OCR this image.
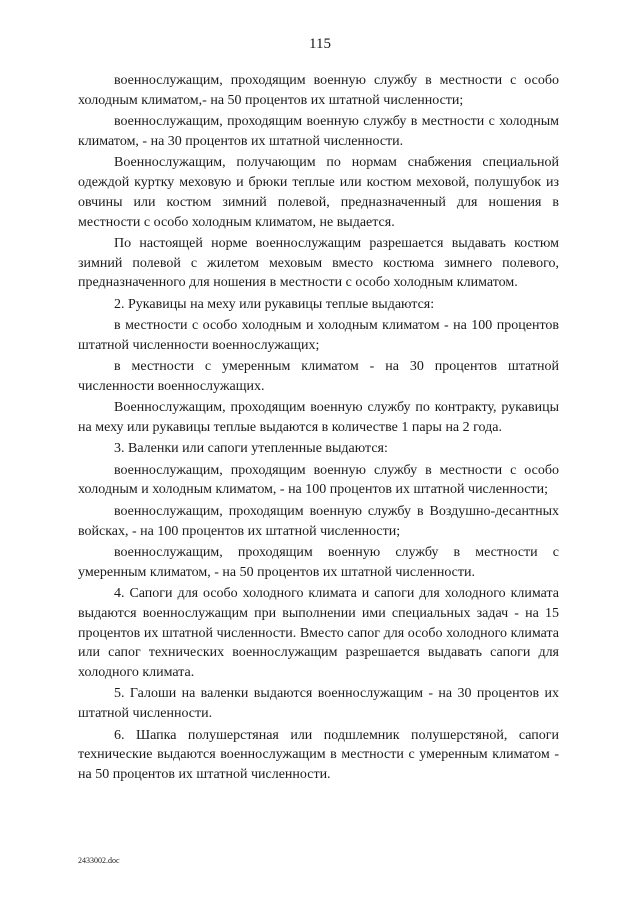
115

военнослужащим, проходящим военную службу в местности с особо холодным климатом,- на 50 процентов их штатной численности;

военнослужащим, проходящим военную службу в местности с холодным климатом, - на 30 процентов их штатной численности.

Военнослужащим, получающим по нормам снабжения специальной одеждой куртку меховую и брюки теплые или костюм меховой, полушубок из овчины или костюм зимний полевой, предназначенный для ношения в местности с особо холодным климатом, не выдается.

По настоящей норме военнослужащим разрешается выдавать костюм зимний полевой с жилетом меховым вместо костюма зимнего полевого, предназначенного для ношения в местности с особо холодным климатом.

2. Рукавицы на меху или рукавицы теплые выдаются:

в местности с особо холодным и холодным климатом - на 100 процентов штатной численности военнослужащих;

в местности с умеренным климатом - на 30 процентов штатной численности военнослужащих.

Военнослужащим, проходящим военную службу по контракту, рукавицы на меху или рукавицы теплые выдаются в количестве 1 пары на 2 года.

3. Валенки или сапоги утепленные выдаются:

военнослужащим, проходящим военную службу в местности с особо холодным и холодным климатом, - на 100 процентов их штатной численности;

военнослужащим, проходящим военную службу в Воздушно-десантных войсках, - на 100 процентов их штатной численности;

военнослужащим, проходящим военную службу в местности с умеренным климатом, - на 50 процентов их штатной численности.

4. Сапоги для особо холодного климата и сапоги для холодного климата выдаются военнослужащим при выполнении ими специальных задач - на 15 процентов их штатной численности. Вместо сапог для особо холодного климата или сапог технических военнослужащим разрешается выдавать сапоги для холодного климата.

5. Галоши на валенки выдаются военнослужащим - на 30 процентов их штатной численности.

6. Шапка полушерстяная или подшлемник полушерстяной, сапоги технические выдаются военнослужащим в местности с умеренным климатом - на 50 процентов их штатной численности.

2433002.doc
